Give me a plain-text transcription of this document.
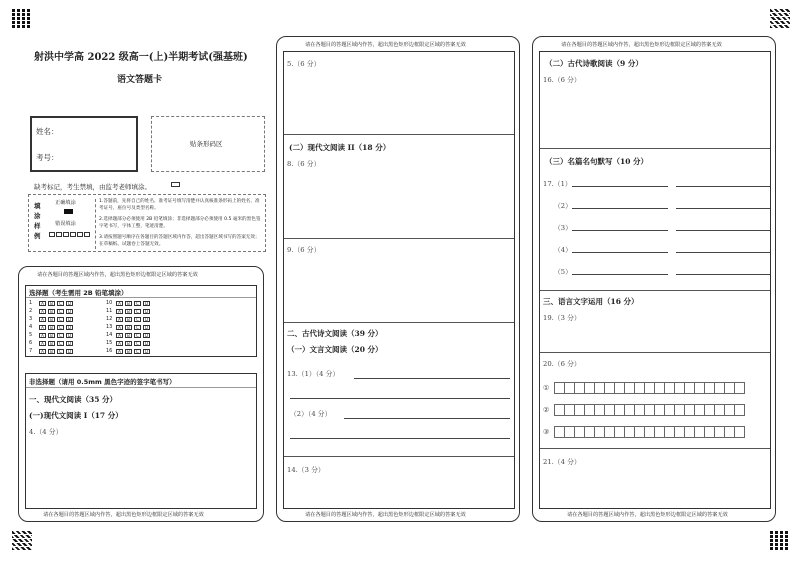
射洪中学高 2022 级高一(上)半期考试(强基班)
语文答题卡
姓名：
考号：
贴条形码区
缺考标记，考生禁填，由监考老师填涂。
填涂样例
正确填涂
错误填涂

1.答题前，先将自己的姓名、准考证号填写清楚并认真核准条形码上的姓名、准考证号、座位号及类型名称。
2.选择题部分必须使用 2B 铅笔填涂；非选择题部分必须使用 0.5 毫米的黑色签字笔书写，字体工整，笔迹清楚。
3.请按照题号顺序在各题目的答题区域内作答，超出答题区域书写的答案无效；在草稿纸、试题卷上答题无效。
请在各题目的答题区域内作答，超出黑色矩形边框限定区域的答案无效
请在各题目的答题区域内作答，超出黑色矩形边框限定区域的答案无效
选择题（考生需用 2B 铅笔填涂）
1	A	B	C	D
2	A	B	C	D
3	A	B	C	D
4	A	B	C	D
5	A	B	C	D
6	A	B	C	D
7	A	B	C	D
10	A	B	C	D
11	A	B	C	D
12	A	B	C	D
13	A	B	C	D
14	A	B	C	D
15	A	B	C	D
16	A	B	C	D
非选择题（请用 0.5mm 黑色字迹的签字笔书写）
一、现代文阅读（35 分）
(一)现代文阅读 I（17 分）
4.（4 分）
请在各题目的答题区域内作答，超出黑色矩形边框限定区域的答案无效
请在各题目的答题区域内作答，超出黑色矩形边框限定区域的答案无效
5.（6 分）
(二）现代文阅读 II（18 分）
8.（6 分）
9.（6 分）
二、古代诗文阅读（39 分）
（一）文言文阅读（20 分）
13.（1）（4 分）
（2）（4 分）
14.（3 分）
请在各题目的答题区域内作答，超出黑色矩形边框限定区域的答案无效
请在各题目的答题区域内作答，超出黑色矩形边框限定区域的答案无效
（二）古代诗歌阅读（9 分）
16.（6 分）
（三）名篇名句默写（10 分）
17.（1）
（2）
（3）
（4）
（5）
三、语言文字运用（16 分）
19.（3 分）
20.（6 分）
①
②
③
21.（4 分）
